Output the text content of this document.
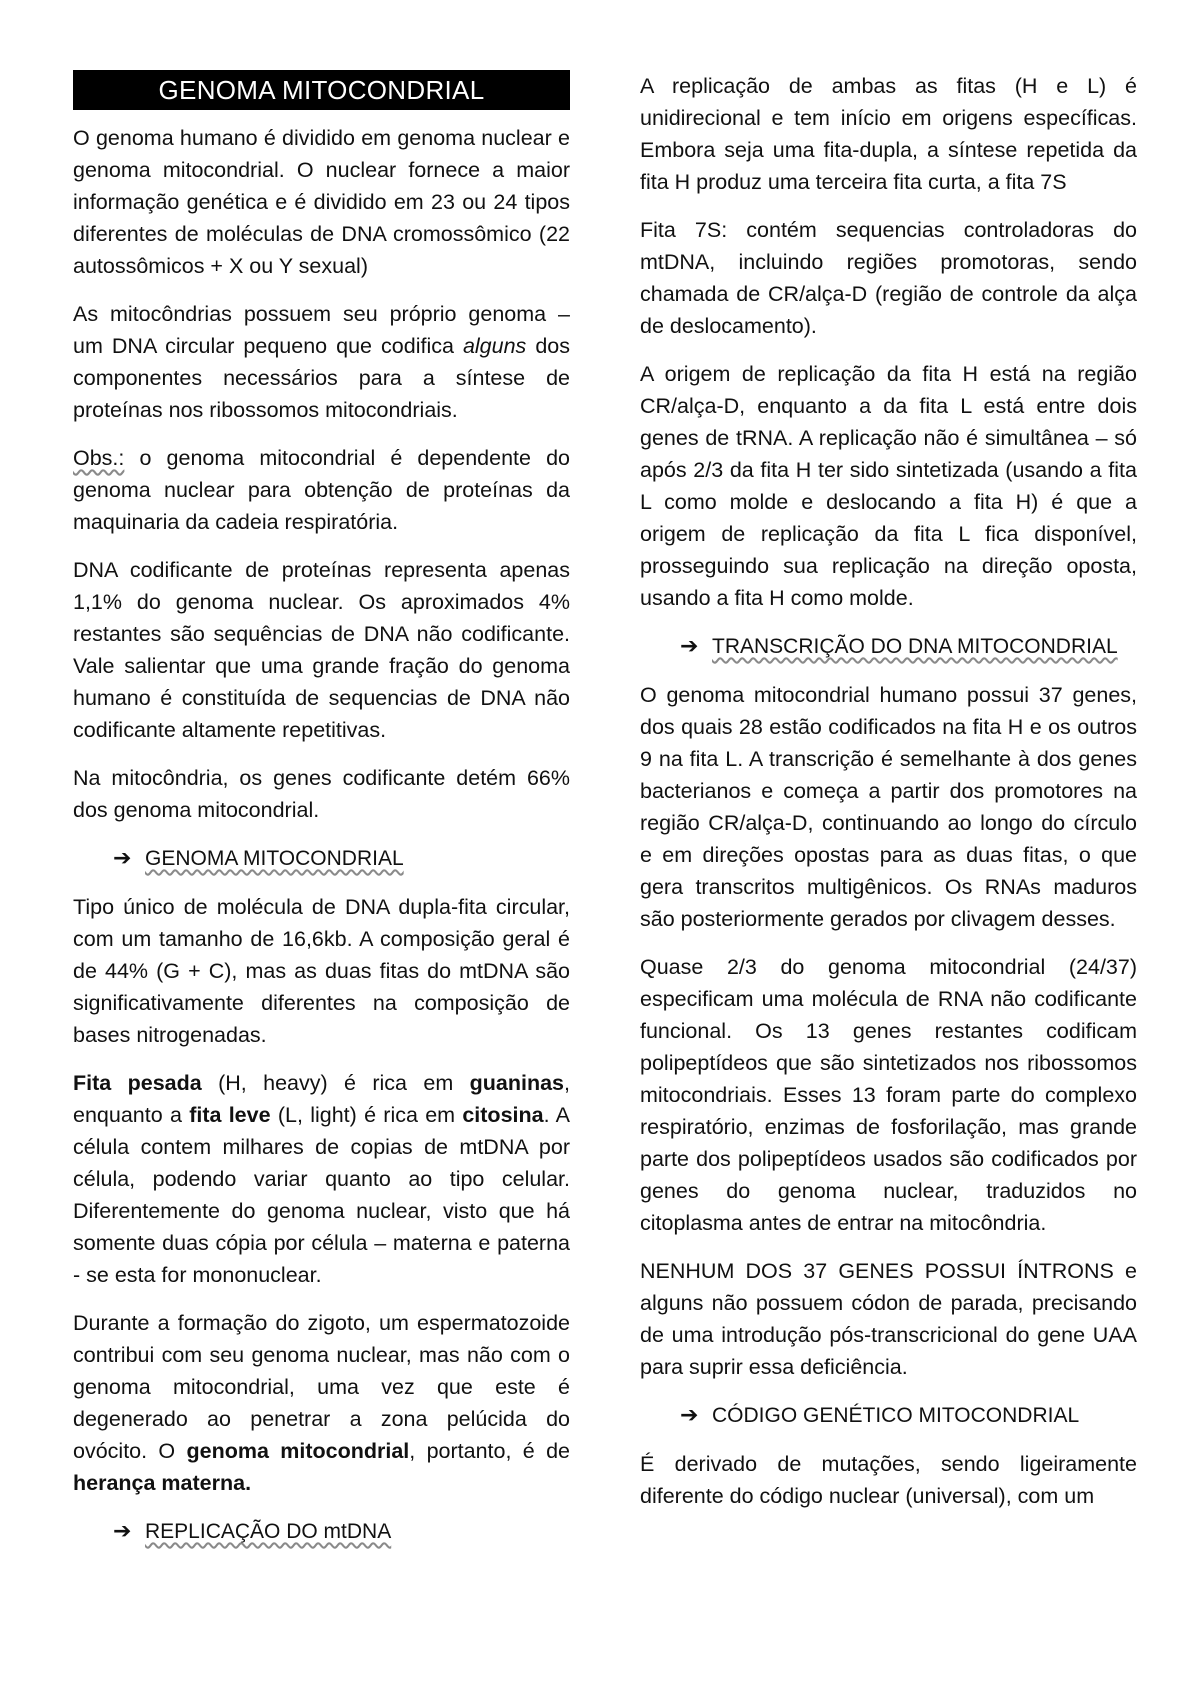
GENOMA MITOCONDRIAL

O genoma humano é dividido em genoma nuclear e genoma mitocondrial. O nuclear fornece a maior informação genética e é dividido em 23 ou 24 tipos diferentes de moléculas de DNA cromossômico (22 autossômicos + X ou Y sexual)

As mitocôndrias possuem seu próprio genoma – um DNA circular pequeno que codifica alguns dos componentes necessários para a síntese de proteínas nos ribossomos mitocondriais.

Obs.: o genoma mitocondrial é dependente do genoma nuclear para obtenção de proteínas da maquinaria da cadeia respiratória.

DNA codificante de proteínas representa apenas 1,1% do genoma nuclear. Os aproximados 4% restantes são sequências de DNA não codificante. Vale salientar que uma grande fração do genoma humano é constituída de sequencias de DNA não codificante altamente repetitivas.

Na mitocôndria, os genes codificante detém 66% dos genoma mitocondrial.

➔ GENOMA MITOCONDRIAL

Tipo único de molécula de DNA dupla-fita circular, com um tamanho de 16,6kb. A composição geral é de 44% (G + C), mas as duas fitas do mtDNA são significativamente diferentes na composição de bases nitrogenadas.

Fita pesada (H, heavy) é rica em guaninas, enquanto a fita leve (L, light) é rica em citosina. A célula contem milhares de copias de mtDNA por célula, podendo variar quanto ao tipo celular. Diferentemente do genoma nuclear, visto que há somente duas cópia por célula – materna e paterna - se esta for mononuclear.

Durante a formação do zigoto, um espermatozoide contribui com seu genoma nuclear, mas não com o genoma mitocondrial, uma vez que este é degenerado ao penetrar a zona pelúcida do ovócito. O genoma mitocondrial, portanto, é de herança materna.

➔ REPLICAÇÃO DO mtDNA

A replicação de ambas as fitas (H e L) é unidirecional e tem início em origens específicas. Embora seja uma fita-dupla, a síntese repetida da fita H produz uma terceira fita curta, a fita 7S

Fita 7S: contém sequencias controladoras do mtDNA, incluindo regiões promotoras, sendo chamada de CR/alça-D (região de controle da alça de deslocamento).

A origem de replicação da fita H está na região CR/alça-D, enquanto a da fita L está entre dois genes de tRNA. A replicação não é simultânea – só após 2/3 da fita H ter sido sintetizada (usando a fita L como molde e deslocando a fita H) é que a origem de replicação da fita L fica disponível, prosseguindo sua replicação na direção oposta, usando a fita H como molde.

➔ TRANSCRIÇÃO DO DNA MITOCONDRIAL

O genoma mitocondrial humano possui 37 genes, dos quais 28 estão codificados na fita H e os outros 9 na fita L. A transcrição é semelhante à dos genes bacterianos e começa a partir dos promotores na região CR/alça-D, continuando ao longo do círculo e em direções opostas para as duas fitas, o que gera transcritos multigênicos. Os RNAs maduros são posteriormente gerados por clivagem desses.

Quase 2/3 do genoma mitocondrial (24/37) especificam uma molécula de RNA não codificante funcional. Os 13 genes restantes codificam polipeptídeos que são sintetizados nos ribossomos mitocondriais. Esses 13 foram parte do complexo respiratório, enzimas de fosforilação, mas grande parte dos polipeptídeos usados são codificados por genes do genoma nuclear, traduzidos no citoplasma antes de entrar na mitocôndria.

NENHUM DOS 37 GENES POSSUI ÍNTRONS e alguns não possuem códon de parada, precisando de uma introdução pós-transcricional do gene UAA para suprir essa deficiência.

➔ CÓDIGO GENÉTICO MITOCONDRIAL

É derivado de mutações, sendo ligeiramente diferente do código nuclear (universal), com um
